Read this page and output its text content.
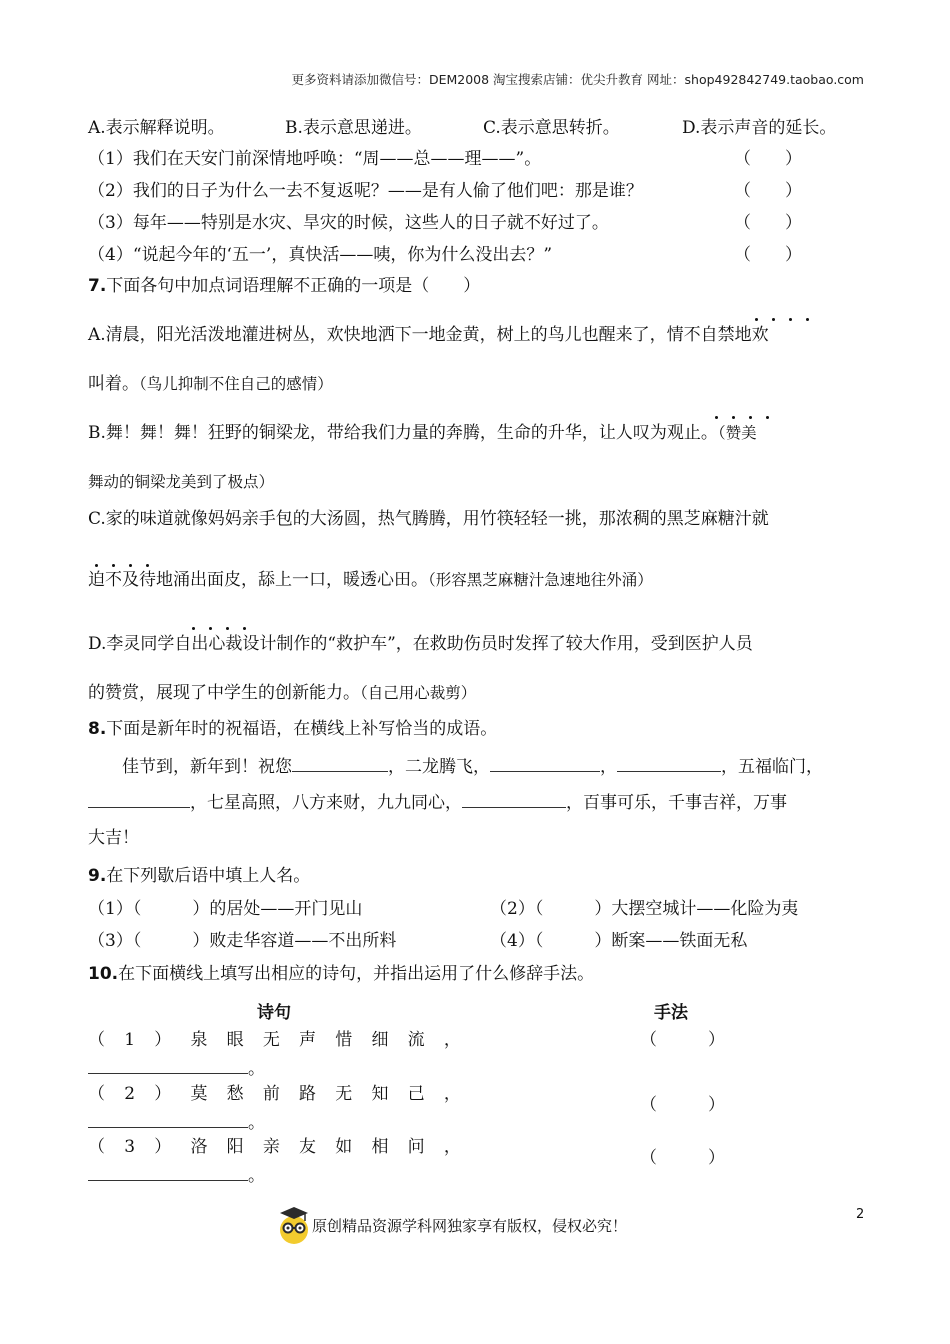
更多资料请添加微信号：DEM2008 淘宝搜索店铺：优尖升教育 网址：shop492842749.taobao.com
A.表示解释说明。	B.表示意思递进。	C.表示意思转折。	D.表示声音的延长。
（1）我们在天安门前深情地呼唤：“周——总——理——”。	（　　）
（2）我们的日子为什么一去不复返呢？——是有人偷了他们吧：那是谁？	（　　）
（3）每年——特别是水灾、旱灾的时候，这些人的日子就不好过了。	（　　）
（4）“说起今年的‘五一’，真快活——咦，你为什么没出去？”	（　　）
7.下面各句中加点词语理解不正确的一项是（　　）
A.清晨，阳光活泼地灌进树丛，欢快地洒下一地金黄，树上的鸟儿也醒来了，情不自禁地欢
叫着。（鸟儿抑制不住自己的感情）
B.舞！舞！舞！狂野的铜梁龙，带给我们力量的奔腾，生命的升华，让人叹为观止。（赞美
舞动的铜梁龙美到了极点）
C.家的味道就像妈妈亲手包的大汤圆，热气腾腾，用竹筷轻轻一挑，那浓稠的黑芝麻糖汁就
迫不及待地涌出面皮，舔上一口，暖透心田。（形容黑芝麻糖汁急速地往外涌）
D.李灵同学自出心裁设计制作的“救护车”，在救助伤员时发挥了较大作用，受到医护人员
的赞赏，展现了中学生的创新能力。（自己用心裁剪）
8.下面是新年时的祝福语，在横线上补写恰当的成语。
佳节到，新年到！祝您	，二龙腾飞，	，	，五福临门，
，七星高照，八方来财，九九同心，	，百事可乐，千事吉祥，万事
大吉！
9.在下列歇后语中填上人名。
（1）（　　　）的居处——开门见山	（2）（　　　）大摆空城计——化险为夷
（3）（　　　）败走华容道——不出所料	（4）（　　　）断案——铁面无私
10.在下面横线上填写出相应的诗句，并指出运用了什么修辞手法。
诗句	手法
（ 1 ） 泉 眼 无 声 惜 细 流 ，
。
（　　　）
（ 2 ） 莫 愁 前 路 无 知 己 ，
。
（　　　）
（ 3 ） 洛 阳 亲 友 如 相 问 ，
。
（　　　）
原创精品资源学科网独家享有版权，侵权必究！
2
